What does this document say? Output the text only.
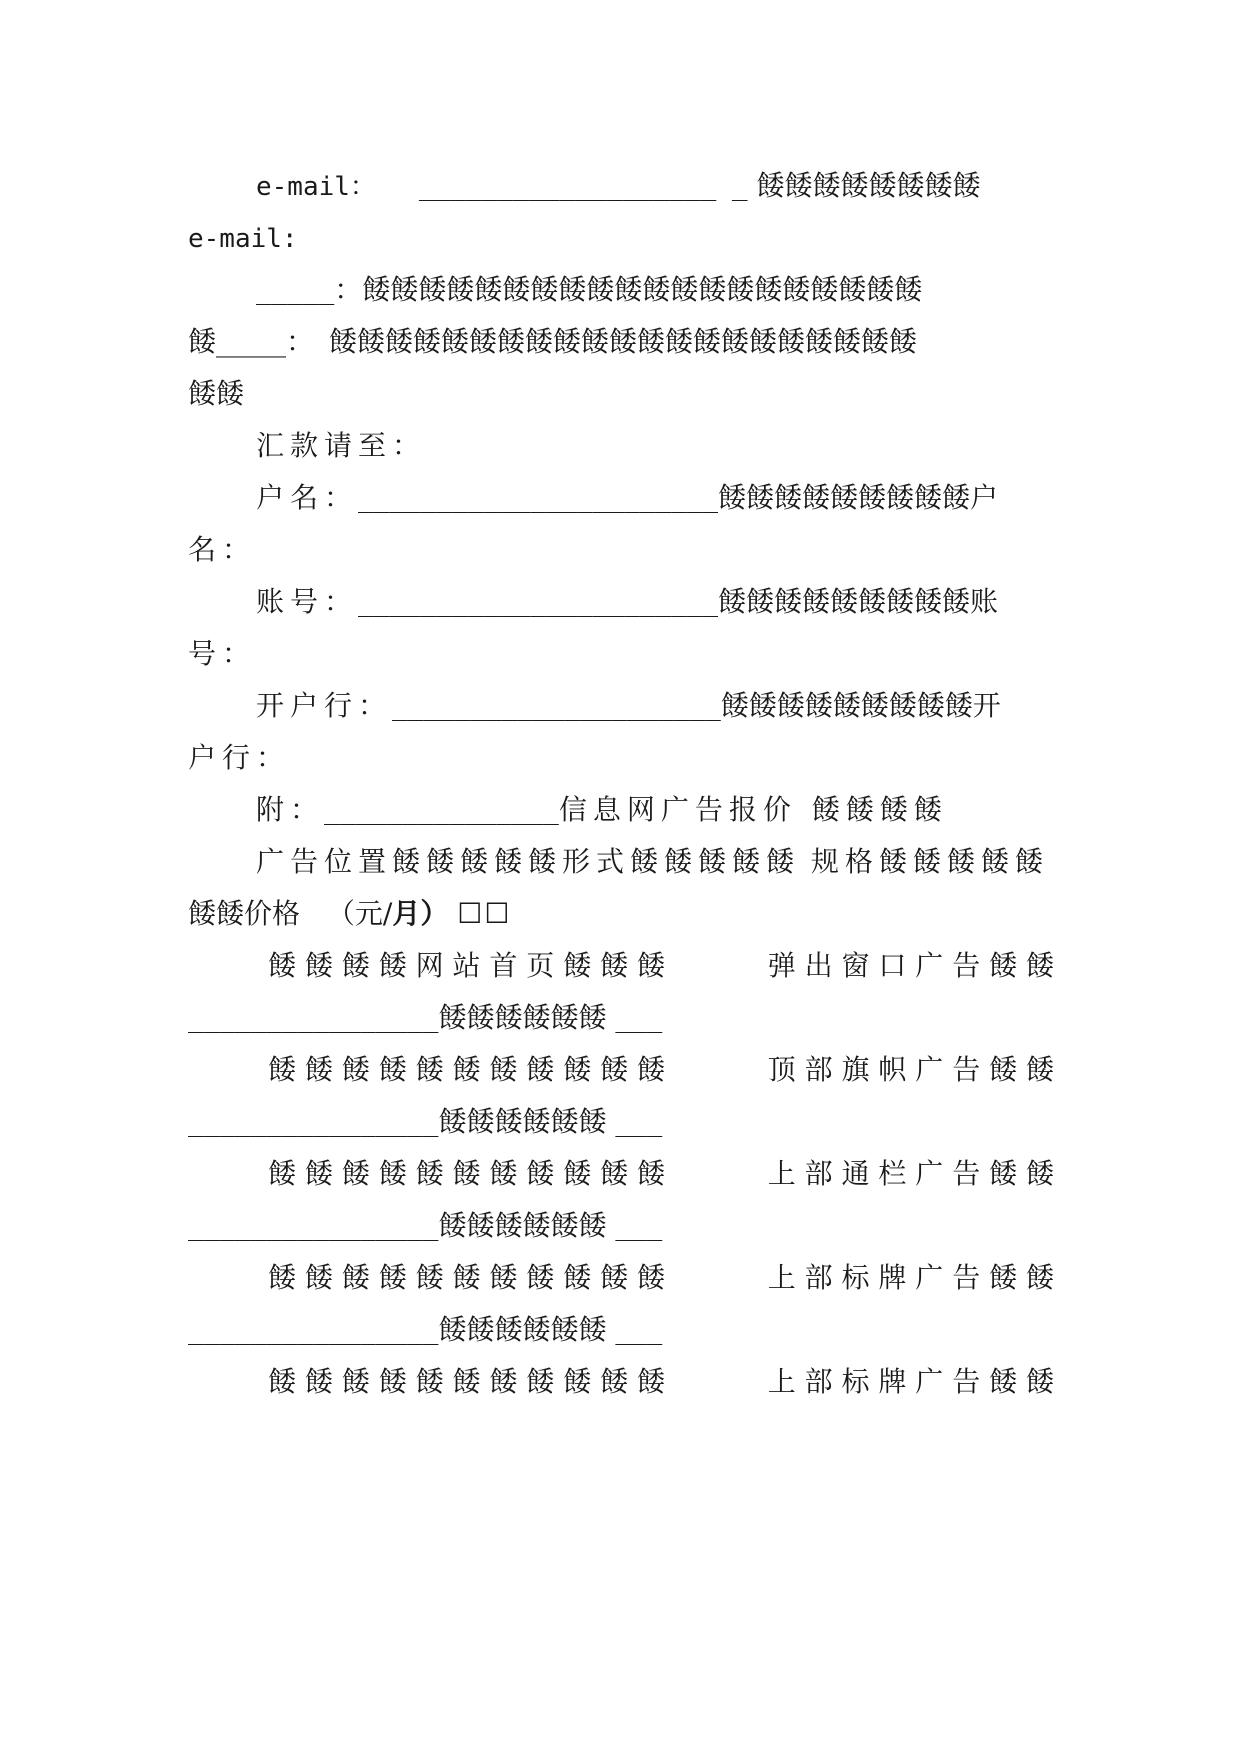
e-mail： ___________________ _ 餧餧餧餧餧餧餧餧
e-mail:
_____：餧餧餧餧餧餧餧餧餧餧餧餧餧餧餧餧餧餧餧餧
餧_____： 餧餧餧餧餧餧餧餧餧餧餧餧餧餧餧餧餧餧餧餧餧
餧餧
汇款请至：
户名：_______________________餧餧餧餧餧餧餧餧餧户
名：
账号：_______________________餧餧餧餧餧餧餧餧餧账
号：
开户行：_____________________餧餧餧餧餧餧餧餧餧开
户行：
附：_______________信息网广告报价 餧餧餧餧
广告位置餧餧餧餧餧形式餧餧餧餧餧 规格餧餧餧餧餧
餧餧价格 （元/月） ☐☐
餧 餧 餧 餧 网 站 首 页 餧 餧 餧	弹 出 窗 口 广 告 餧 餧
________________餧餧餧餧餧餧 ___
餧 餧 餧 餧 餧 餧 餧 餧 餧 餧 餧	顶 部 旗 帜 广 告 餧 餧
________________餧餧餧餧餧餧 ___
餧 餧 餧 餧 餧 餧 餧 餧 餧 餧 餧	上 部 通 栏 广 告 餧 餧
________________餧餧餧餧餧餧 ___
餧 餧 餧 餧 餧 餧 餧 餧 餧 餧 餧	上 部 标 牌 广 告 餧 餧
________________餧餧餧餧餧餧 ___
餧 餧 餧 餧 餧 餧 餧 餧 餧 餧 餧	上 部 标 牌 广 告 餧 餧
